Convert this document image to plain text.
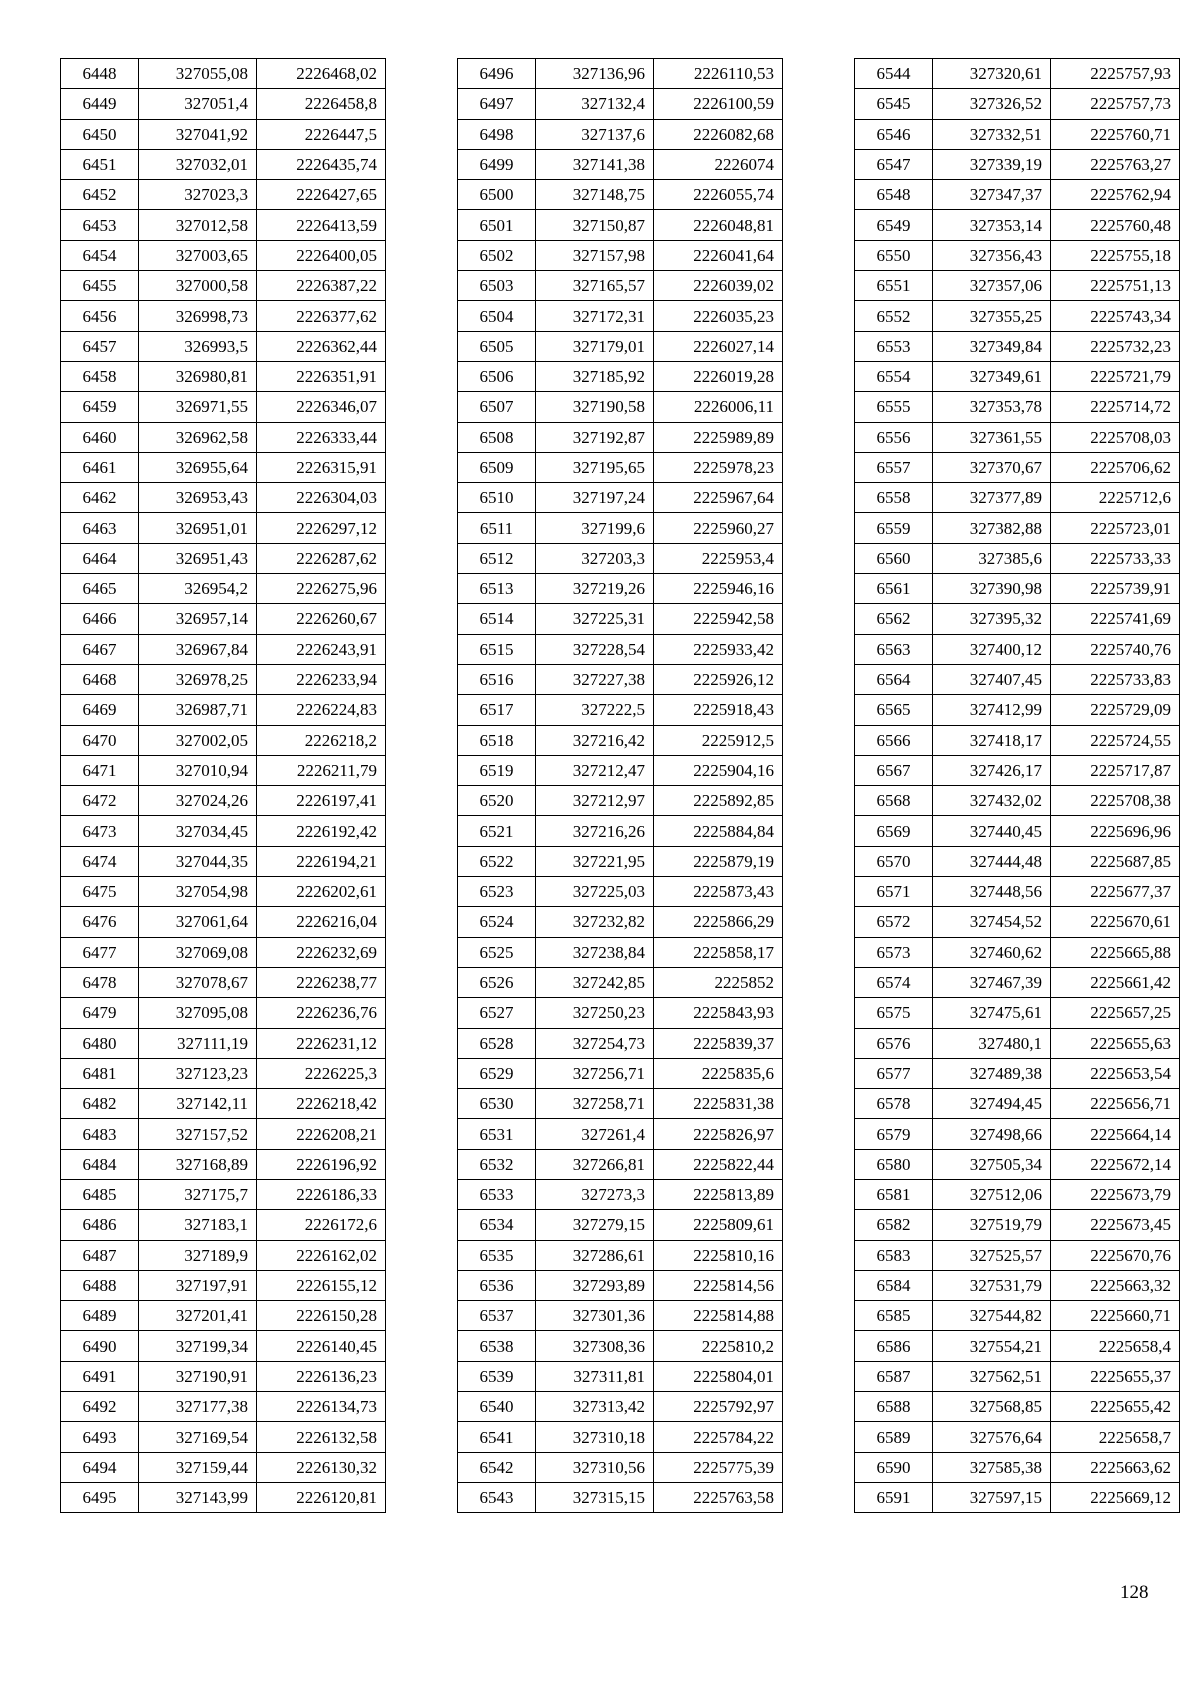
6448	327055,08	2226468,02
6449	327051,4	2226458,8
6450	327041,92	2226447,5
6451	327032,01	2226435,74
6452	327023,3	2226427,65
6453	327012,58	2226413,59
6454	327003,65	2226400,05
6455	327000,58	2226387,22
6456	326998,73	2226377,62
6457	326993,5	2226362,44
6458	326980,81	2226351,91
6459	326971,55	2226346,07
6460	326962,58	2226333,44
6461	326955,64	2226315,91
6462	326953,43	2226304,03
6463	326951,01	2226297,12
6464	326951,43	2226287,62
6465	326954,2	2226275,96
6466	326957,14	2226260,67
6467	326967,84	2226243,91
6468	326978,25	2226233,94
6469	326987,71	2226224,83
6470	327002,05	2226218,2
6471	327010,94	2226211,79
6472	327024,26	2226197,41
6473	327034,45	2226192,42
6474	327044,35	2226194,21
6475	327054,98	2226202,61
6476	327061,64	2226216,04
6477	327069,08	2226232,69
6478	327078,67	2226238,77
6479	327095,08	2226236,76
6480	327111,19	2226231,12
6481	327123,23	2226225,3
6482	327142,11	2226218,42
6483	327157,52	2226208,21
6484	327168,89	2226196,92
6485	327175,7	2226186,33
6486	327183,1	2226172,6
6487	327189,9	2226162,02
6488	327197,91	2226155,12
6489	327201,41	2226150,28
6490	327199,34	2226140,45
6491	327190,91	2226136,23
6492	327177,38	2226134,73
6493	327169,54	2226132,58
6494	327159,44	2226130,32
6495	327143,99	2226120,81
6496	327136,96	2226110,53
6497	327132,4	2226100,59
6498	327137,6	2226082,68
6499	327141,38	2226074
6500	327148,75	2226055,74
6501	327150,87	2226048,81
6502	327157,98	2226041,64
6503	327165,57	2226039,02
6504	327172,31	2226035,23
6505	327179,01	2226027,14
6506	327185,92	2226019,28
6507	327190,58	2226006,11
6508	327192,87	2225989,89
6509	327195,65	2225978,23
6510	327197,24	2225967,64
6511	327199,6	2225960,27
6512	327203,3	2225953,4
6513	327219,26	2225946,16
6514	327225,31	2225942,58
6515	327228,54	2225933,42
6516	327227,38	2225926,12
6517	327222,5	2225918,43
6518	327216,42	2225912,5
6519	327212,47	2225904,16
6520	327212,97	2225892,85
6521	327216,26	2225884,84
6522	327221,95	2225879,19
6523	327225,03	2225873,43
6524	327232,82	2225866,29
6525	327238,84	2225858,17
6526	327242,85	2225852
6527	327250,23	2225843,93
6528	327254,73	2225839,37
6529	327256,71	2225835,6
6530	327258,71	2225831,38
6531	327261,4	2225826,97
6532	327266,81	2225822,44
6533	327273,3	2225813,89
6534	327279,15	2225809,61
6535	327286,61	2225810,16
6536	327293,89	2225814,56
6537	327301,36	2225814,88
6538	327308,36	2225810,2
6539	327311,81	2225804,01
6540	327313,42	2225792,97
6541	327310,18	2225784,22
6542	327310,56	2225775,39
6543	327315,15	2225763,58
6544	327320,61	2225757,93
6545	327326,52	2225757,73
6546	327332,51	2225760,71
6547	327339,19	2225763,27
6548	327347,37	2225762,94
6549	327353,14	2225760,48
6550	327356,43	2225755,18
6551	327357,06	2225751,13
6552	327355,25	2225743,34
6553	327349,84	2225732,23
6554	327349,61	2225721,79
6555	327353,78	2225714,72
6556	327361,55	2225708,03
6557	327370,67	2225706,62
6558	327377,89	2225712,6
6559	327382,88	2225723,01
6560	327385,6	2225733,33
6561	327390,98	2225739,91
6562	327395,32	2225741,69
6563	327400,12	2225740,76
6564	327407,45	2225733,83
6565	327412,99	2225729,09
6566	327418,17	2225724,55
6567	327426,17	2225717,87
6568	327432,02	2225708,38
6569	327440,45	2225696,96
6570	327444,48	2225687,85
6571	327448,56	2225677,37
6572	327454,52	2225670,61
6573	327460,62	2225665,88
6574	327467,39	2225661,42
6575	327475,61	2225657,25
6576	327480,1	2225655,63
6577	327489,38	2225653,54
6578	327494,45	2225656,71
6579	327498,66	2225664,14
6580	327505,34	2225672,14
6581	327512,06	2225673,79
6582	327519,79	2225673,45
6583	327525,57	2225670,76
6584	327531,79	2225663,32
6585	327544,82	2225660,71
6586	327554,21	2225658,4
6587	327562,51	2225655,37
6588	327568,85	2225655,42
6589	327576,64	2225658,7
6590	327585,38	2225663,62
6591	327597,15	2225669,12
128
